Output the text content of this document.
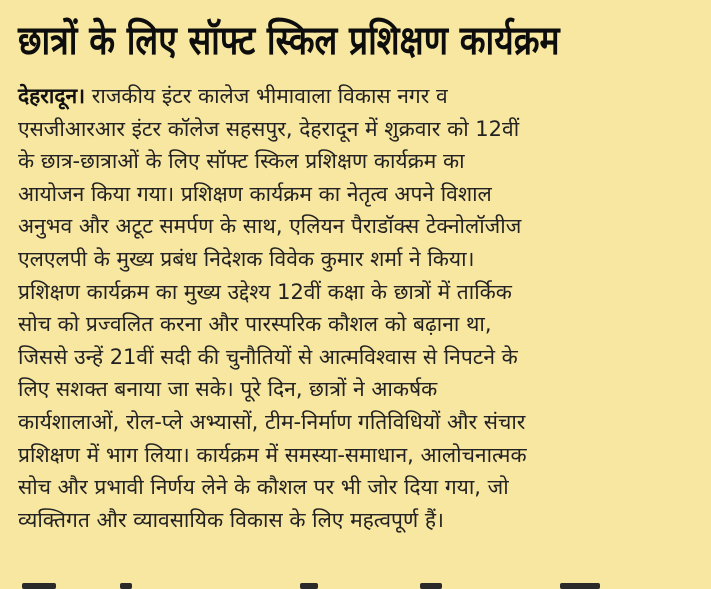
छात्रों के लिए सॉफ्ट स्किल प्रशिक्षण कार्यक्रम
देहरादून। राजकीय इंटर कालेज भीमावाला विकास नगर व
एसजीआरआर इंटर कॉलेज सहसपुर, देहरादून में शुक्रवार को 12वीं
के छात्र-छात्राओं के लिए सॉफ्ट स्किल प्रशिक्षण कार्यक्रम का
आयोजन किया गया। प्रशिक्षण कार्यक्रम का नेतृत्व अपने विशाल
अनुभव और अटूट समर्पण के साथ, एलियन पैराडॉक्स टेक्नोलॉजीज
एलएलपी के मुख्य प्रबंध निदेशक विवेक कुमार शर्मा ने किया।
प्रशिक्षण कार्यक्रम का मुख्य उद्देश्य 12वीं कक्षा के छात्रों में तार्किक
सोच को प्रज्वलित करना और पारस्परिक कौशल को बढ़ाना था,
जिससे उन्हें 21वीं सदी की चुनौतियों से आत्मविश्वास से निपटने के
लिए सशक्त बनाया जा सके। पूरे दिन, छात्रों ने आकर्षक
कार्यशालाओं, रोल-प्ले अभ्यासों, टीम-निर्माण गतिविधियों और संचार
प्रशिक्षण में भाग लिया। कार्यक्रम में समस्या-समाधान, आलोचनात्मक
सोच और प्रभावी निर्णय लेने के कौशल पर भी जोर दिया गया, जो
व्यक्तिगत और व्यावसायिक विकास के लिए महत्वपूर्ण हैं।
